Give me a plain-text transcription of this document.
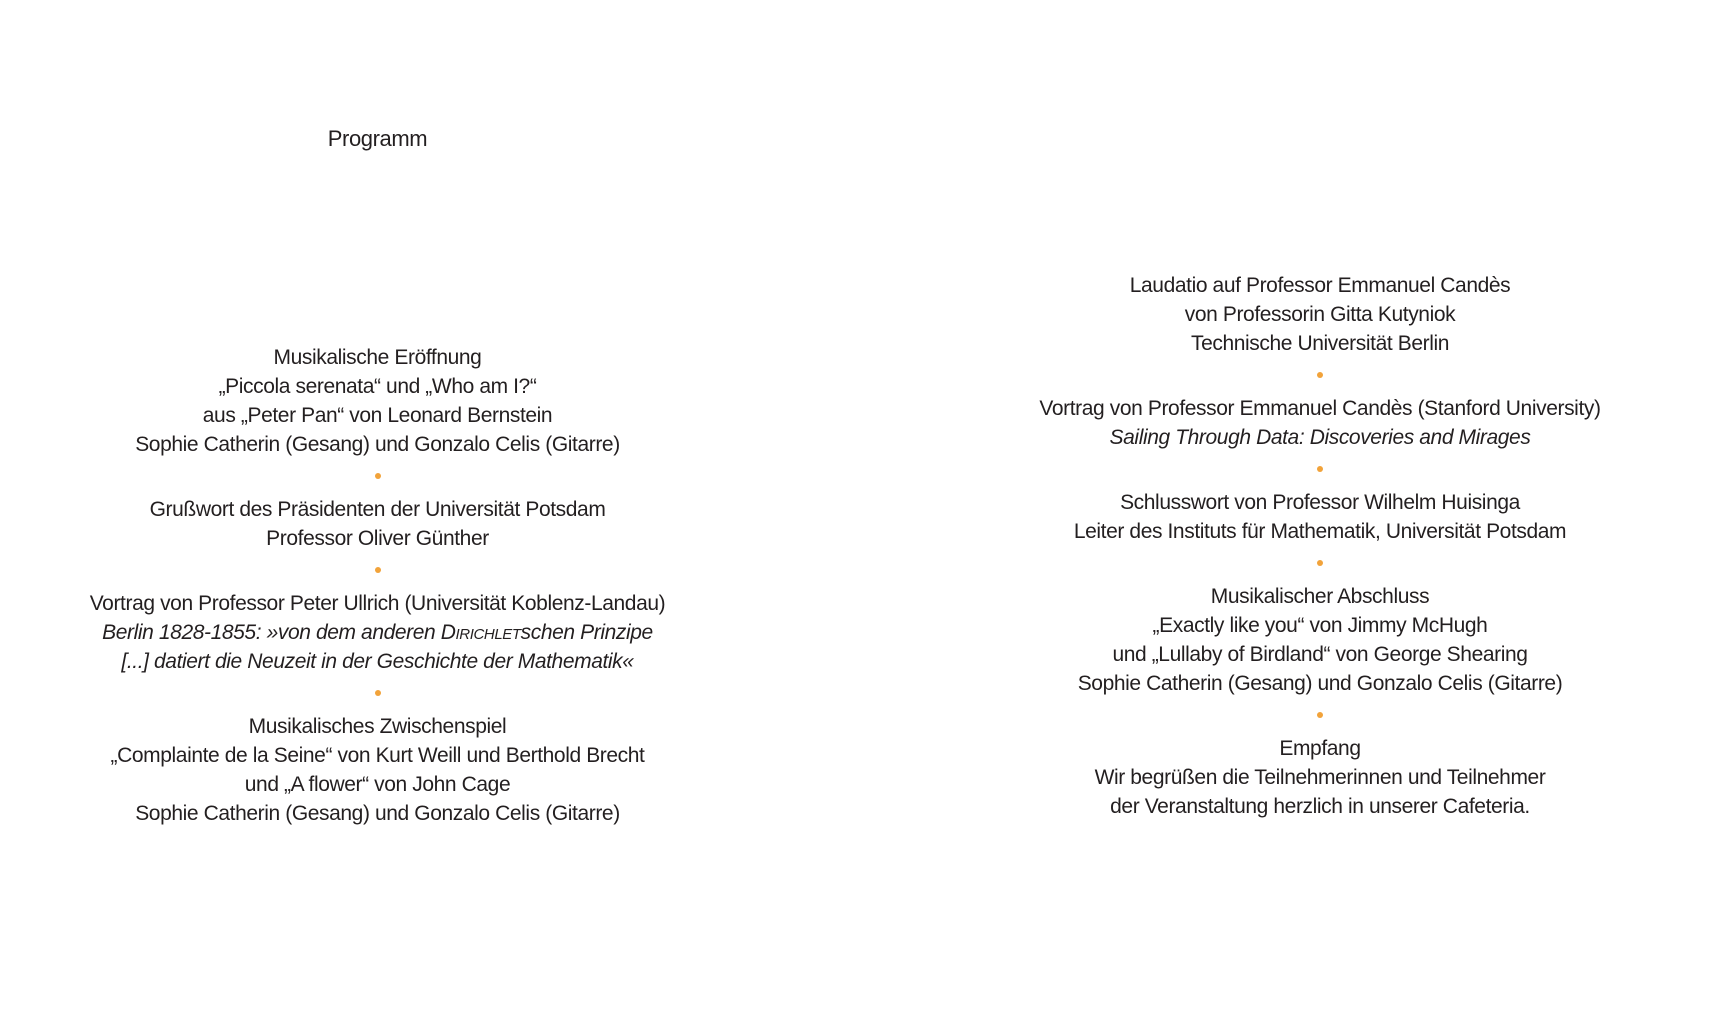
Programm
Musikalische Eröffnung
„Piccola serenata“ und „Who am I?“
aus „Peter Pan“ von Leonard Bernstein
Sophie Catherin (Gesang) und Gonzalo Celis (Gitarre)
Grußwort des Präsidenten der Universität Potsdam
Professor Oliver Günther
Vortrag von Professor Peter Ullrich (Universität Koblenz-Landau)
Berlin 1828-1855: »von dem anderen Dirichletschen Prinzipe
[...] datiert die Neuzeit in der Geschichte der Mathematik«
Musikalisches Zwischenspiel
„Complainte de la Seine“ von Kurt Weill und Berthold Brecht
und „A flower“ von John Cage
Sophie Catherin (Gesang) und Gonzalo Celis (Gitarre)
Laudatio auf Professor Emmanuel Candès
von Professorin Gitta Kutyniok
Technische Universität Berlin
Vortrag von Professor Emmanuel Candès (Stanford University)
Sailing Through Data: Discoveries and Mirages
Schlusswort von Professor Wilhelm Huisinga
Leiter des Instituts für Mathematik, Universität Potsdam
Musikalischer Abschluss
„Exactly like you“ von Jimmy McHugh
und „Lullaby of Birdland“ von George Shearing
Sophie Catherin (Gesang) und Gonzalo Celis (Gitarre)
Empfang
Wir begrüßen die Teilnehmerinnen und Teilnehmer
der Veranstaltung herzlich in unserer Cafeteria.
